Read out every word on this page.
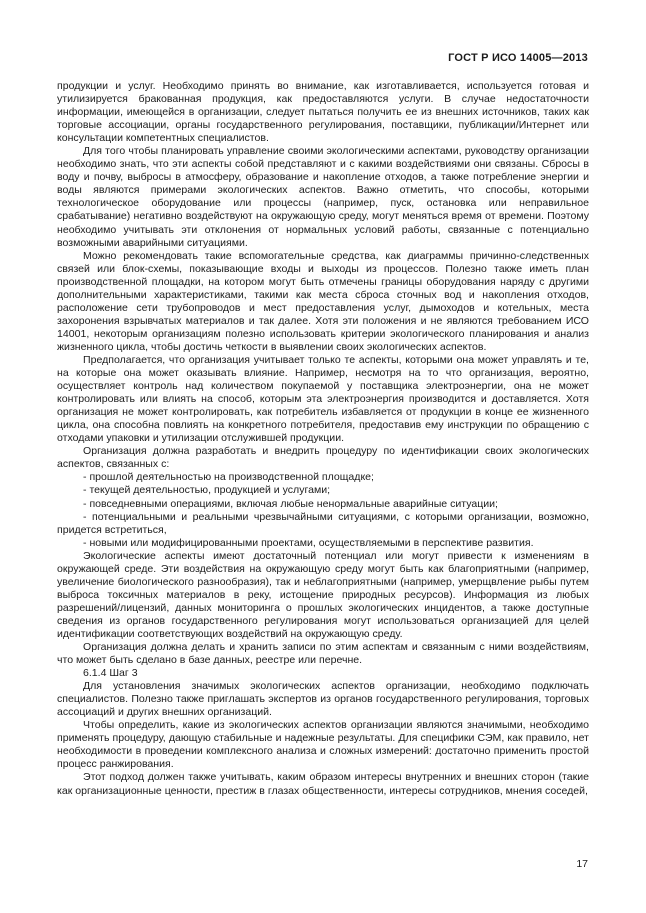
ГОСТ Р ИСО 14005—2013

продукции и услуг. Необходимо принять во внимание, как изготавливается, используется готовая и утилизируется бракованная продукция, как предоставляются услуги. В случае недостаточности информации, имеющейся в организации, следует пытаться получить ее из внешних источников, таких как торговые ассоциации, органы государственного регулирования, поставщики, публикации/Интернет или консультации компетентных специалистов.

Для того чтобы планировать управление своими экологическими аспектами, руководству организации необходимо знать, что эти аспекты собой представляют и с какими воздействиями они связаны. Сбросы в воду и почву, выбросы в атмосферу, образование и накопление отходов, а также потребление энергии и воды являются примерами экологических аспектов. Важно отметить, что способы, которыми технологическое оборудование или процессы (например, пуск, остановка или неправильное срабатывание) негативно воздействуют на окружающую среду, могут меняться время от времени. Поэтому необходимо учитывать эти отклонения от нормальных условий работы, связанные с потенциально возможными аварийными ситуациями.

Можно рекомендовать такие вспомогательные средства, как диаграммы причинно-следственных связей или блок-схемы, показывающие входы и выходы из процессов. Полезно также иметь план производственной площадки, на котором могут быть отмечены границы оборудования наряду с другими дополнительными характеристиками, такими как места сброса сточных вод и накопления отходов, расположение сети трубопроводов и мест предоставления услуг, дымоходов и котельных, места захоронения взрывчатых материалов и так далее. Хотя эти положения и не являются требованием ИСО 14001, некоторым организациям полезно использовать критерии экологического планирования и анализ жизненного цикла, чтобы достичь четкости в выявлении своих экологических аспектов.

Предполагается, что организация учитывает только те аспекты, которыми она может управлять и те, на которые она может оказывать влияние. Например, несмотря на то что организация, вероятно, осуществляет контроль над количеством покупаемой у поставщика электроэнергии, она не может контролировать или влиять на способ, которым эта электроэнергия производится и доставляется. Хотя организация не может контролировать, как потребитель избавляется от продукции в конце ее жизненного цикла, она способна повлиять на конкретного потребителя, предоставив ему инструкции по обращению с отходами упаковки и утилизации отслужившей продукции.

Организация должна разработать и внедрить процедуру по идентификации своих экологических аспектов, связанных с:

- прошлой деятельностью на производственной площадке;

- текущей деятельностью, продукцией и услугами;

- повседневными операциями, включая любые ненормальные аварийные ситуации;

- потенциальными и реальными чрезвычайными ситуациями, с которыми организации, возможно, придется встретиться,

- новыми или модифицированными проектами, осуществляемыми в перспективе развития.

Экологические аспекты имеют достаточный потенциал или могут привести к изменениям в окружающей среде. Эти воздействия на окружающую среду могут быть как благоприятными (например, увеличение биологического разнообразия), так и неблагоприятными (например, умерщвление рыбы путем выброса токсичных материалов в реку, истощение природных ресурсов). Информация из любых разрешений/лицензий, данных мониторинга о прошлых экологических инцидентов, а также доступные сведения из органов государственного регулирования могут использоваться организацией для целей идентификации соответствующих воздействий на окружающую среду.

Организация должна делать и хранить записи по этим аспектам и связанным с ними воздействиям, что может быть сделано в базе данных, реестре или перечне.

6.1.4 Шаг 3

Для установления значимых экологических аспектов организации, необходимо подключать специалистов. Полезно также приглашать экспертов из органов государственного регулирования, торговых ассоциаций и других внешних организаций.

Чтобы определить, какие из экологических аспектов организации являются значимыми, необходимо применять процедуру, дающую стабильные и надежные результаты. Для специфики СЭМ, как правило, нет необходимости в проведении комплексного анализа и сложных измерений: достаточно применить простой процесс ранжирования.

Этот подход должен также учитывать, каким образом интересы внутренних и внешних сторон (такие как организационные ценности, престиж в глазах общественности, интересы сотрудников, мнения соседей,

17
